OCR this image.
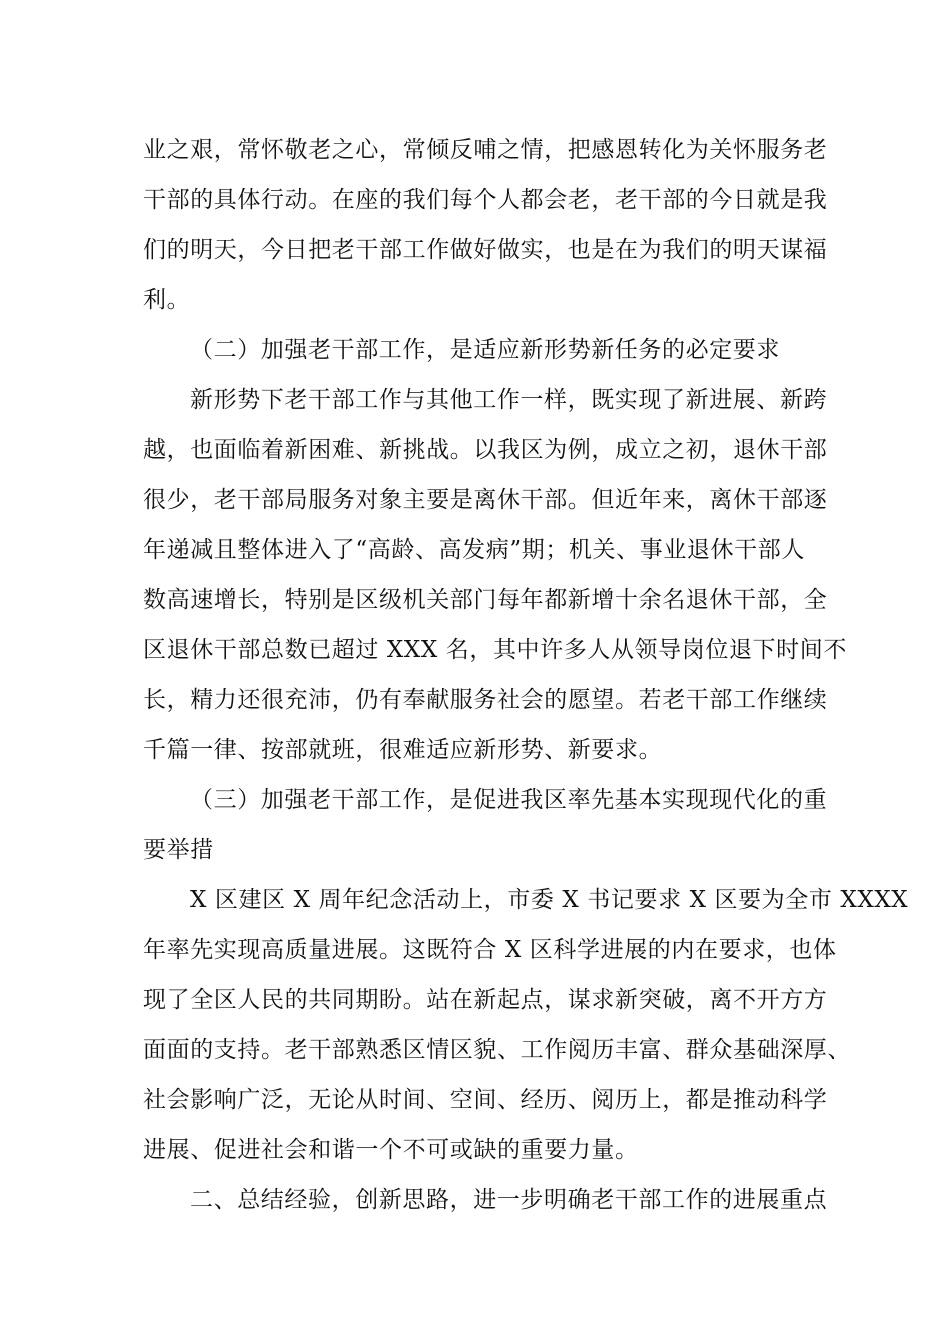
业之艰，常怀敬老之心，常倾反哺之情，把感恩转化为关怀服务老
干部的具体行动。在座的我们每个人都会老，老干部的今日就是我
们的明天，今日把老干部工作做好做实，也是在为我们的明天谋福
利。
（二）加强老干部工作，是适应新形势新任务的必定要求
新形势下老干部工作与其他工作一样，既实现了新进展、新跨
越，也面临着新困难、新挑战。以我区为例，成立之初，退休干部
很少，老干部局服务对象主要是离休干部。但近年来，离休干部逐
年递减且整体进入了“高龄、高发病”期；机关、事业退休干部人
数高速增长，特别是区级机关部门每年都新增十余名退休干部，全
区退休干部总数已超过 XXX 名，其中许多人从领导岗位退下时间不
长，精力还很充沛，仍有奉献服务社会的愿望。若老干部工作继续
千篇一律、按部就班，很难适应新形势、新要求。
（三）加强老干部工作，是促进我区率先基本实现现代化的重
要举措
X 区建区 X 周年纪念活动上，市委 X 书记要求 X 区要为全市 XXXX
年率先实现高质量进展。这既符合 X 区科学进展的内在要求，也体
现了全区人民的共同期盼。站在新起点，谋求新突破，离不开方方
面面的支持。老干部熟悉区情区貌、工作阅历丰富、群众基础深厚、
社会影响广泛，无论从时间、空间、经历、阅历上，都是推动科学
进展、促进社会和谐一个不可或缺的重要力量。
二、总结经验，创新思路，进一步明确老干部工作的进展重点
